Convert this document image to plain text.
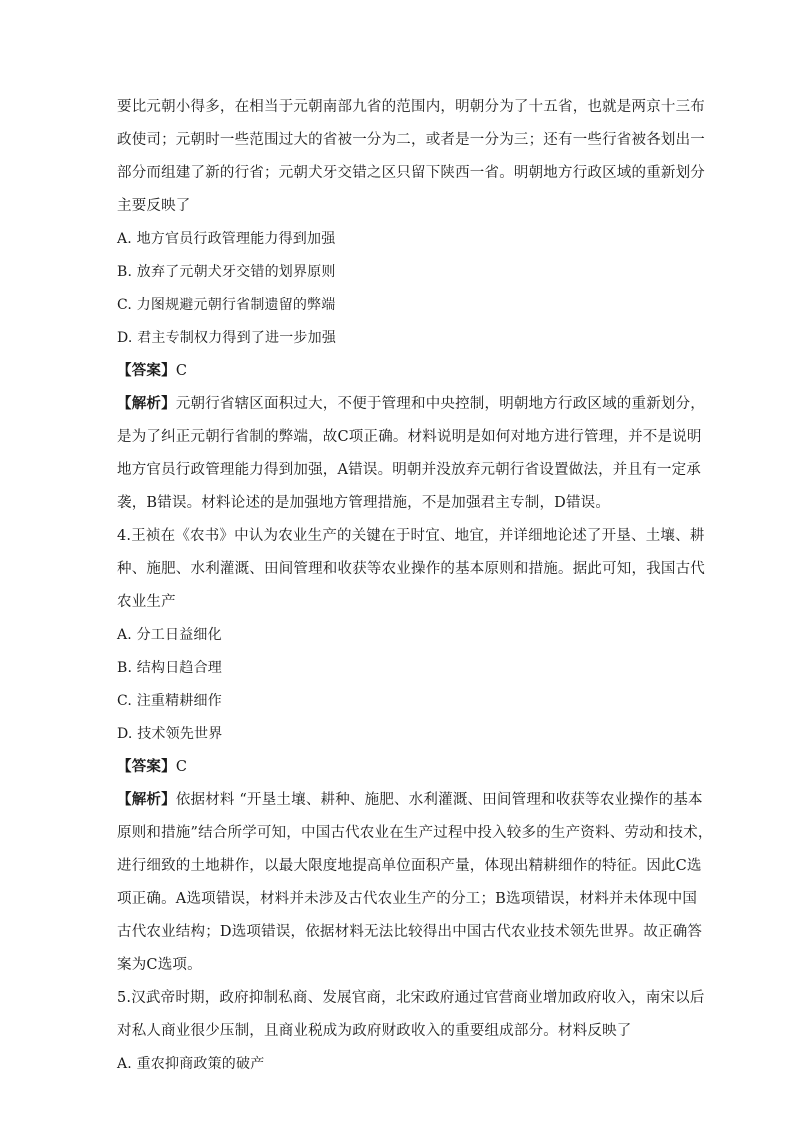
要比元朝小得多，在相当于元朝南部九省的范围内，明朝分为了十五省，也就是两京十三布
政使司；元朝时一些范围过大的省被一分为二，或者是一分为三；还有一些行省被各划出一
部分而组建了新的行省；元朝犬牙交错之区只留下陕西一省。明朝地方行政区域的重新划分
主要反映了
A. 地方官员行政管理能力得到加强
B. 放弃了元朝犬牙交错的划界原则
C. 力图规避元朝行省制遗留的弊端
D. 君主专制权力得到了进一步加强
【答案】C
【解析】元朝行省辖区面积过大，不便于管理和中央控制，明朝地方行政区域的重新划分，
是为了纠正元朝行省制的弊端，故C项正确。材料说明是如何对地方进行管理，并不是说明
地方官员行政管理能力得到加强，A错误。明朝并没放弃元朝行省设置做法，并且有一定承
袭，B错误。材料论述的是加强地方管理措施，不是加强君主专制，D错误。
4.王祯在《农书》中认为农业生产的关键在于时宜、地宜，并详细地论述了开垦、土壤、耕
种、施肥、水利灌溉、田间管理和收获等农业操作的基本原则和措施。据此可知，我国古代
农业生产
A. 分工日益细化
B. 结构日趋合理
C. 注重精耕细作
D. 技术领先世界
【答案】C
【解析】依据材料 “开垦土壤、耕种、施肥、水利灌溉、田间管理和收获等农业操作的基本
原则和措施”结合所学可知，中国古代农业在生产过程中投入较多的生产资料、劳动和技术，
进行细致的土地耕作，以最大限度地提高单位面积产量，体现出精耕细作的特征。因此C选
项正确。A选项错误，材料并未涉及古代农业生产的分工；B选项错误，材料并未体现中国
古代农业结构；D选项错误，依据材料无法比较得出中国古代农业技术领先世界。故正确答
案为C选项。
5.汉武帝时期，政府抑制私商、发展官商，北宋政府通过官营商业增加政府收入，南宋以后
对私人商业很少压制，且商业税成为政府财政收入的重要组成部分。材料反映了
A. 重农抑商政策的破产
